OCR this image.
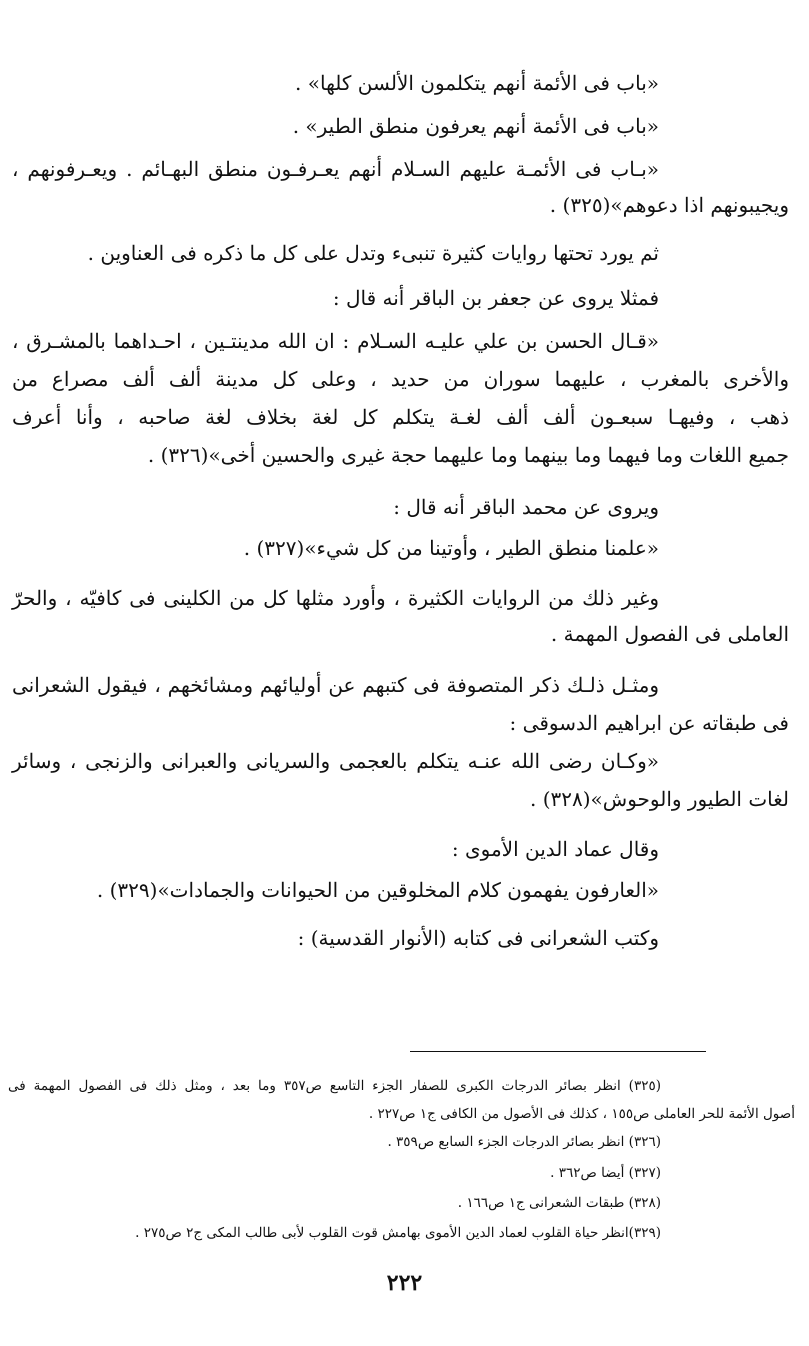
«باب فى الأئمة أنهم يتكلمون الألسن كلها» .
«باب فى الأئمة أنهم يعرفون منطق الطير» .
«بـاب فى الأئمـة عليهم السـلام أنهم يعـرفـون منطق البهـائم . ويعـرفونهم ،
ويجيبونهم اذا دعوهم»(٣٢٥) .
ثم يورد تحتها روايات كثيرة تنبىء وتدل على كل ما ذكره فى العناوين .
فمثلا يروى عن جعفر بن الباقر أنه قال :
«قـال الحسن بن علي عليـه السـلام : ان الله مدينتـين ، احـداهما بالمشـرق ،
والأخرى بالمغرب ، عليهما سوران من حديد ، وعلى كل مدينة ألف ألف مصراع من
ذهب ، وفيهـا سبعـون ألف ألف لغـة يتكلم كل لغة بخلاف لغة صاحبه ، وأنا أعرف
جميع اللغات وما فيهما وما بينهما وما عليهما حجة غيرى والحسين أخى»(٣٢٦) .
ويروى عن محمد الباقر أنه قال :
«علمنا منطق الطير ، وأوتينا من كل شيء»(٣٢٧) .
وغير ذلك من الروايات الكثيرة ، وأورد مثلها كل من الكلينى فى كافيّه ، والحرّ
العاملى فى الفصول المهمة .
ومثـل ذلـك ذكر المتصوفة فى كتبهم عن أوليائهم ومشائخهم ، فيقول الشعرانى
فى طبقاته عن ابراهيم الدسوقى :
«وكـان رضى الله عنـه يتكلم بالعجمى والسريانى والعبرانى والزنجى ، وسائر
لغات الطيور والوحوش»(٣٢٨) .
وقال عماد الدين الأموى :
«العارفون يفهمون كلام المخلوقين من الحيوانات والجمادات»(٣٢٩) .
وكتب الشعرانى فى كتابه (الأنوار القدسية) :
(٣٢٥) انظر بصائر الدرجات الكبرى للصفار الجزء التاسع ص٣٥٧ وما بعد ، ومثل ذلك فى الفصول المهمة فى
أصول الأئمة للحر العاملى ص١٥٥ ، كذلك فى الأصول من الكافى ج١ ص٢٢٧ .
(٣٢٦) انظر بصائر الدرجات الجزء السابع ص٣٥٩ .
(٣٢٧) أيضا ص٣٦٢ .
(٣٢٨) طبقات الشعرانى ج١ ص١٦٦ .
(٣٢٩)انظر حياة القلوب لعماد الدين الأموى بهامش قوت القلوب لأبى طالب المكى ج٢ ص٢٧٥ .
٢٢٢
